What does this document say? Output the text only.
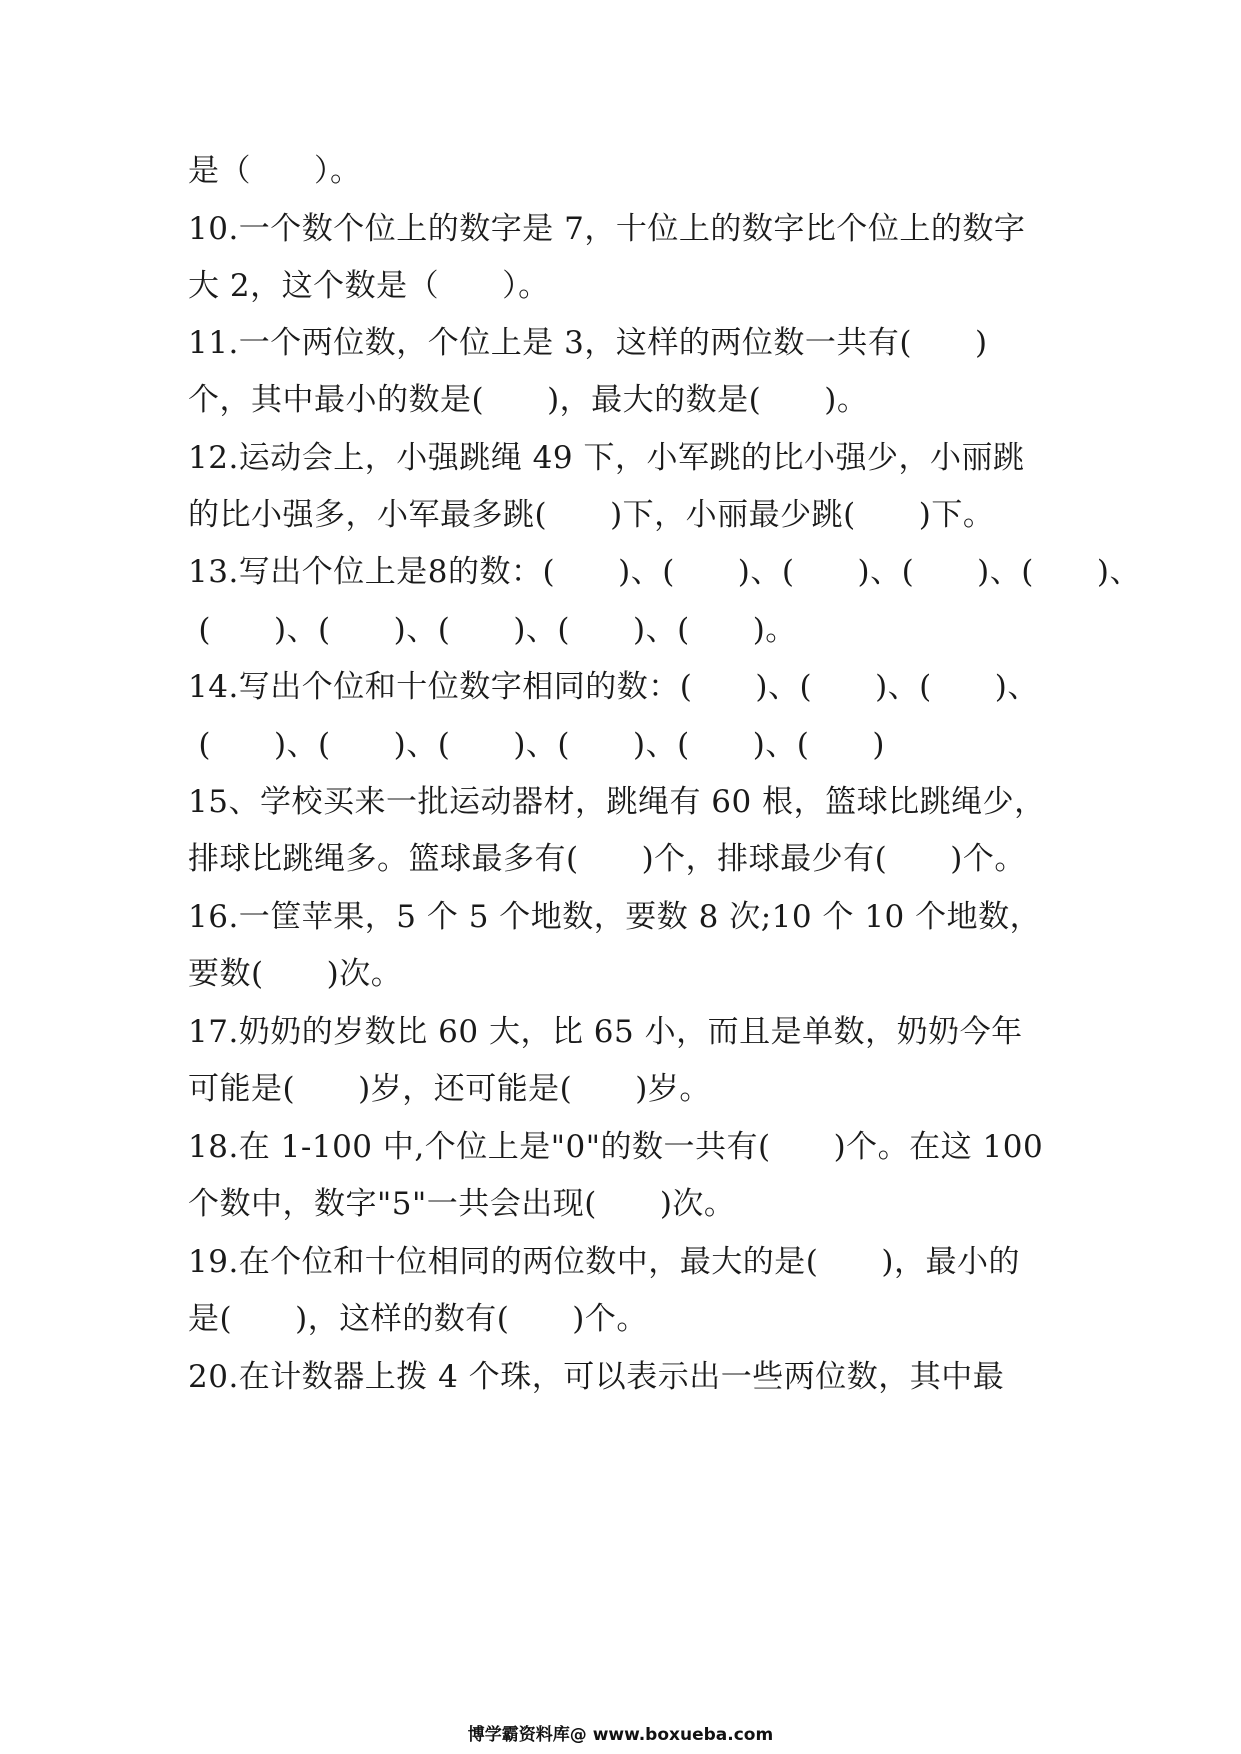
是（　　）。
10.一个数个位上的数字是 7，十位上的数字比个位上的数字
大 2，这个数是（　　）。
11.一个两位数，个位上是 3，这样的两位数一共有(　　)
个，其中最小的数是(　　)，最大的数是(　　)。
12.运动会上，小强跳绳 49 下，小军跳的比小强少，小丽跳
的比小强多，小军最多跳(　　)下，小丽最少跳(　　)下。
13.写出个位上是8的数：(　　)、(　　)、(　　)、(　　)、(　　)、
(　　)、(　　)、(　　)、(　　)、(　　)。
14.写出个位和十位数字相同的数：(　　)、(　　)、(　　)、
(　　)、(　　)、(　　)、(　　)、(　　)、(　　)
15、学校买来一批运动器材，跳绳有 60 根，篮球比跳绳少，
排球比跳绳多。篮球最多有(　　)个，排球最少有(　　)个。
16.一筐苹果，5 个 5 个地数，要数 8 次;10 个 10 个地数，
要数(　　)次。
17.奶奶的岁数比 60 大，比 65 小，而且是单数，奶奶今年
可能是(　　)岁，还可能是(　　)岁。
18.在 1-100 中,个位上是"0"的数一共有(　　)个。在这 100
个数中，数字"5"一共会出现(　　)次。
19.在个位和十位相同的两位数中，最大的是(　　)，最小的
是(　　)，这样的数有(　　)个。
20.在计数器上拨 4 个珠，可以表示出一些两位数，其中最
博学霸资料库@ www.boxueba.com
